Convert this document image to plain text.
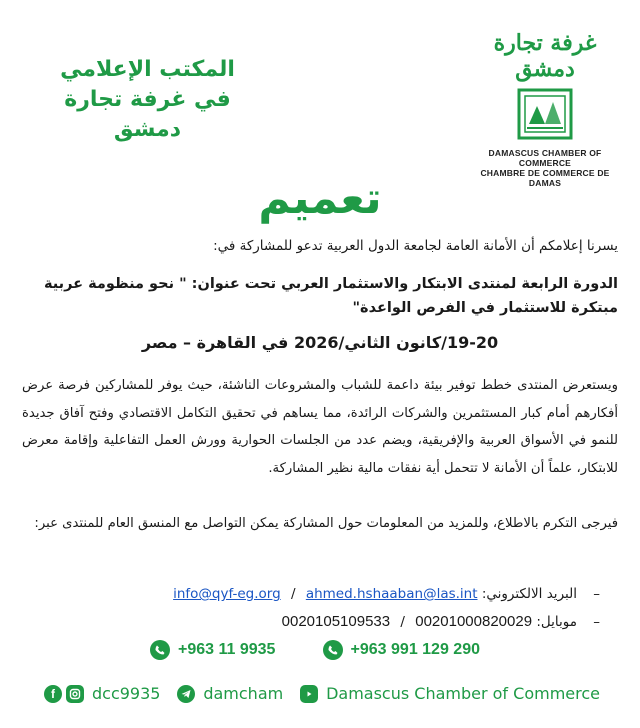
غرفة تجارة دمشق
DAMASCUS CHAMBER OF COMMERCE
CHAMBRE DE COMMERCE DE DAMAS
المكتب الإعلامي
في غرفة تجارة دمشق
تعميم
يسرنا إعلامكم أن الأمانة العامة لجامعة الدول العربية تدعو للمشاركة في:
الدورة الرابعة لمنتدى الابتكار والاستثمار العربي تحت عنوان: " نحو منظومة عربية مبتكرة للاستثمار في الفرص الواعدة"
19-20/كانون الثاني/2026 في القاهرة – مصر
ويستعرض المنتدى خطط توفير بيئة داعمة للشباب والمشروعات الناشئة، حيث يوفر للمشاركين فرصة عرض أفكارهم أمام كبار المستثمرين والشركات الرائدة، مما يساهم في تحقيق التكامل الاقتصادي وفتح آفاق جديدة للنمو في الأسواق العربية والإفريقية، ويضم عدد من الجلسات الحوارية وورش العمل التفاعلية وإقامة معرض للابتكار، علماً أن الأمانة لا تتحمل أية نفقات مالية نظير المشاركة.
فيرجى التكرم بالاطلاع، وللمزيد من المعلومات حول المشاركة يمكن التواصل مع المنسق العام للمنتدى عبر:
– البريد الالكتروني: info@qyf-eg.org / ahmed.hshaaban@las.int
– موبايل: 0020105109533 / 00201000820029
+963 11 9935	+963 991 129 290
f	dcc9935	damcham	Damascus Chamber of Commerce
